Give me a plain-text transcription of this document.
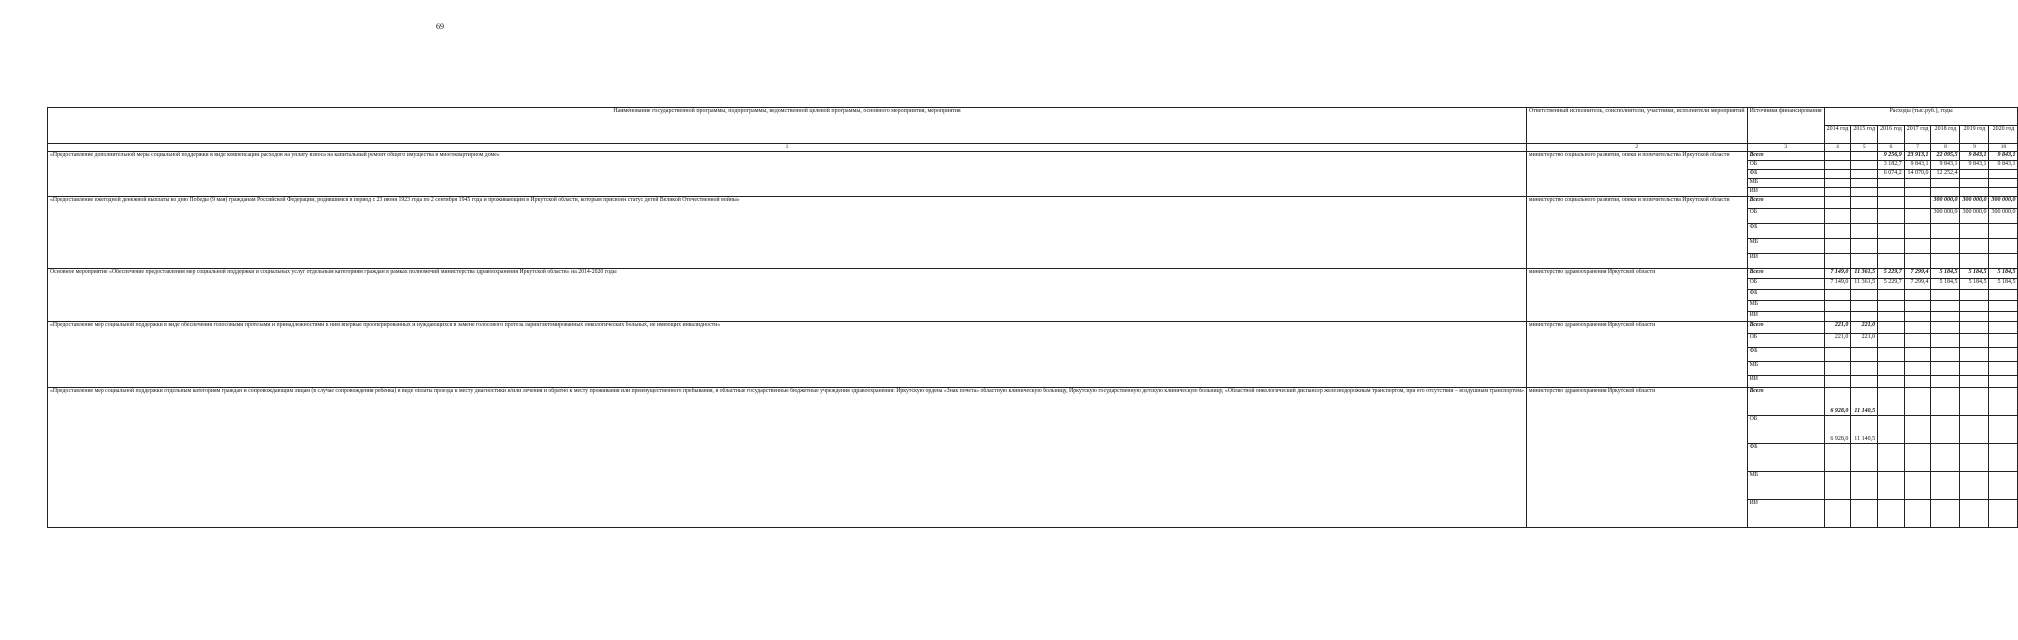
69
Наименование государственной программы, подпрограммы, ведомственной целевой программы, основного мероприятия, мероприятия	Ответственный исполнитель, соисполнители, участники, исполнители мероприятий	Источники финансирования	Расходы (тыс.руб.), годы						
			2014 год	2015 год	2016 год	2017 год	2018 год	2019 год	2020 год
1	2	3	4	5	6	7	8	9	10
«Предоставление дополнительной меры социальной поддержки в виде компенсации расходов на уплату взноса на капитальный ремонт общего имущества в многоквартирном доме»	министерство социального развития, опеки и попечительства Иркутской области	Всего			9 256,9	23 913,1	22 095,5	9 843,1	9 843,1
		ОБ			3 182,7	9 843,1	9 843,1	9 843,1	9 843,1
		ФБ			6 074,2	14 070,0	12 252,4		
		МБ							
		ИИ							
«Предоставление ежегодной денежной выплаты ко дню Победы (9 мая) гражданам Российской Федерации, родившимся в период с 23 июня 1923 года по 2 сентября 1945 года и проживающим в Иркутской области, которым присвоен статус детей Великой Отечественной войны»	министерство социального развития, опеки и попечительства Иркутской области	Всего					300 000,0	300 000,0	300 000,0
		ОБ					300 000,0	300 000,0	300 000,0
		ФБ							
		МБ							
		ИИ							
Основное мероприятие «Обеспечение предоставления мер социальной поддержки и социальных услуг отдельным категориям граждан в рамках полномочий министерства здравоохранения Иркутской области» на 2014-2020 годы	министерство здравоохранения Иркутской области	Всего	7 149,0	11 361,5	5 229,7	7 299,4	5 184,5	5 184,5	5 184,5
		ОБ	7 149,0	11 361,5	5 229,7	7 299,4	5 184,5	5 184,5	5 184,5
		ФБ							
		МБ							
		ИИ							
«Предоставление мер социальной поддержки в виде обеспечения голосовыми протезами и принадлежностями к ним впервые прооперированных и нуждающихся в замене голосового протеза ларингэктомированных онкологических больных, не имеющих инвалидности»	министерство здравоохранения Иркутской области	Всего	221,0	221,0					
		ОБ	221,0	221,0					
		ФБ							
		МБ							
		ИИ							
«Предоставление мер социальной поддержки отдельным категориям граждан и сопровождающим лицам (в случае сопровождения ребенка) в виде оплаты проезда к месту диагностики и/или лечения и обратно к месту проживания или преимущественного пребывания, в областные государственные бюджетные учреждения здравоохранения: Иркутскую ордена «Знак почета» областную клиническую больницу, Иркутскую государственную детскую клиническую больницу, «Областной онкологический диспансер железнодорожным транспортом, при его отсутствии – воздушным транспортом»	министерство здравоохранения Иркутской области	Всего	6 928,0	11 140,5					
		ОБ	6 928,0	11 140,5					
		ФБ							
		МБ							
		ИИ							
